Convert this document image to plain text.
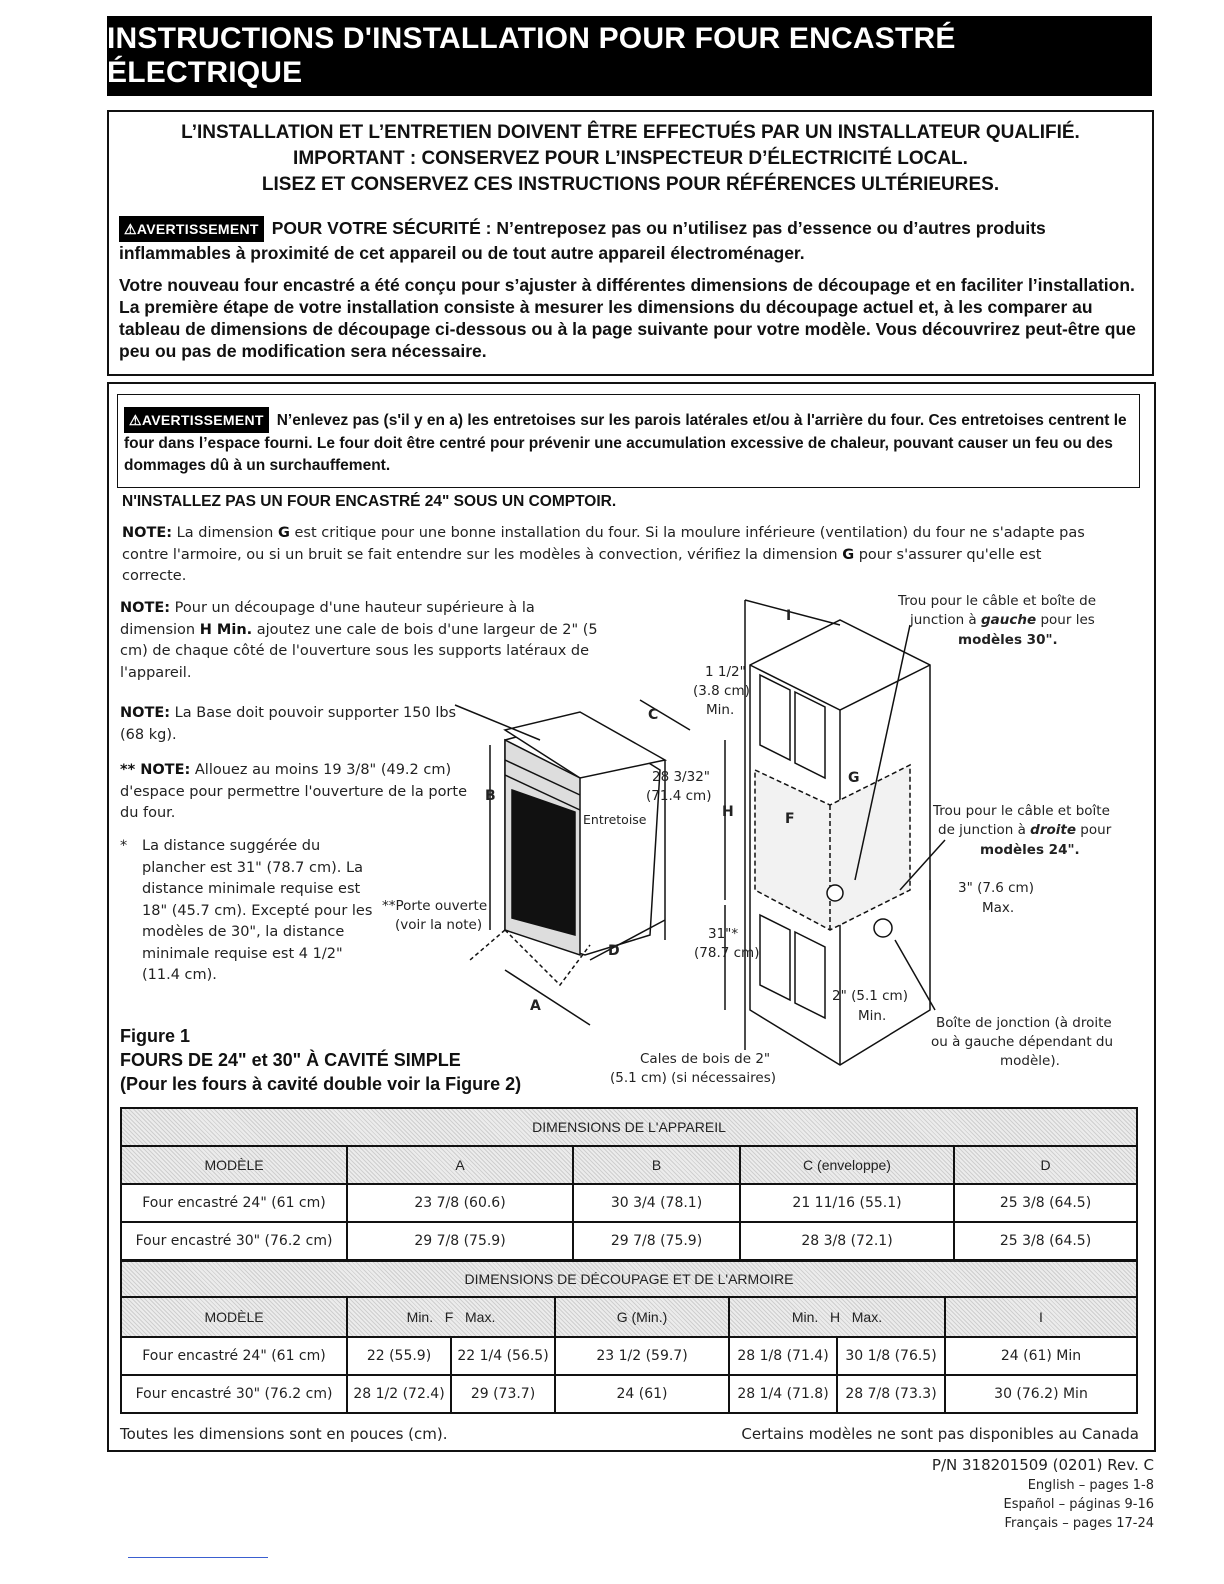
INSTRUCTIONS D'INSTALLATION POUR FOUR ENCASTRÉ ÉLECTRIQUE
L’INSTALLATION ET L’ENTRETIEN DOIVENT ÊTRE EFFECTUÉS PAR UN INSTALLATEUR QUALIFIÉ.
IMPORTANT : CONSERVEZ POUR L’INSPECTEUR D’ÉLECTRICITÉ LOCAL.
LISEZ ET CONSERVEZ CES INSTRUCTIONS POUR RÉFÉRENCES ULTÉRIEURES.
⚠AVERTISSEMENT POUR VOTRE SÉCURITÉ : N’entreposez pas ou n’utilisez pas d’essence ou d’autres produits inflammables à proximité de cet appareil ou de tout autre appareil électroménager.
Votre nouveau four encastré a été conçu pour s’ajuster à différentes dimensions de découpage et en faciliter l’installation. La première étape de votre installation consiste à mesurer les dimensions du découpage actuel et, à les comparer au tableau de dimensions de découpage ci-dessous ou à la page suivante pour votre modèle. Vous découvrirez peut-être que peu ou pas de modification sera nécessaire.
⚠AVERTISSEMENT N’enlevez pas (s'il y en a) les entretoises sur les parois latérales et/ou à l'arrière du four. Ces entretoises centrent le four dans l’espace fourni. Le four doit être centré pour prévenir une accumulation excessive de chaleur, pouvant causer un feu ou des dommages dû à un surchauffement.
N'INSTALLEZ PAS UN FOUR ENCASTRÉ 24" SOUS UN COMPTOIR.
NOTE: La dimension G est critique pour une bonne installation du four. Si la moulure inférieure (ventilation) du four ne s'adapte pas contre l'armoire, ou si un bruit se fait entendre sur les modèles à convection, vérifiez la dimension G pour s'assurer qu'elle est correcte.
NOTE: Pour un découpage d'une hauteur supérieure à la dimension H Min. ajoutez une cale de bois d'une largeur de 2" (5 cm) de chaque côté de l'ouverture sous les supports latéraux de l'appareil.
NOTE: La Base doit pouvoir supporter 150 lbs (68 kg).
** NOTE: Allouez au moins 19 3/8" (49.2 cm) d'espace pour permettre l'ouverture de la porte du four.
*	La distance suggérée du plancher est 31" (78.7 cm). La distance minimale requise est 18" (45.7 cm). Excepté pour les modèles de 30", la distance minimale requise est 4 1/2" (11.4 cm).
Figure 1
FOURS DE 24" et 30" À CAVITÉ SIMPLE
(Pour les fours à cavité double voir la Figure 2)
C
B
D
A
F
G
H
I
Entretoise
**Porte ouverte
(voir la note)
28 3/32"
(71.4 cm)
1 1/2"
(3.8 cm)
Min.
31"*
(78.7 cm)
2" (5.1 cm)
Min.
3" (7.6 cm)
Max.
Cales de bois de 2"
(5.1 cm) (si nécessaires)
Trou pour le câble et boîte de
junction à gauche pour les
modèles 30".
Trou pour le câble et boîte
de junction à droite pour
modèles 24".
Boîte de jonction (à droite
ou à gauche dépendant du
modèle).
DIMENSIONS DE L'APPAREIL				
MODÈLE	A	B	C (enveloppe)	D
Four encastré 24" (61 cm)	23 7/8 (60.6)	30 3/4 (78.1)	21 11/16 (55.1)	25 3/8 (64.5)
Four encastré 30" (76.2 cm)	29 7/8 (75.9)	29 7/8 (75.9)	28 3/8 (72.1)	25 3/8 (64.5)
DIMENSIONS DE DÉCOUPAGE ET DE L'ARMOIRE						
MODÈLE	Min.   F   Max.		G (Min.)	Min.   H   Max.		I
Four encastré 24" (61 cm)	22 (55.9)	22 1/4 (56.5)	23 1/2 (59.7)	28 1/8 (71.4)	30 1/8 (76.5)	24 (61) Min
Four encastré 30" (76.2 cm)	28 1/2 (72.4)	29 (73.7)	24 (61)	28 1/4 (71.8)	28 7/8 (73.3)	30 (76.2) Min
Toutes les dimensions sont en pouces (cm).	Certains modèles ne sont pas disponibles au Canada
P/N 318201509 (0201) Rev. C
English – pages 1-8
Español – páginas 9-16
Français – pages 17-24
